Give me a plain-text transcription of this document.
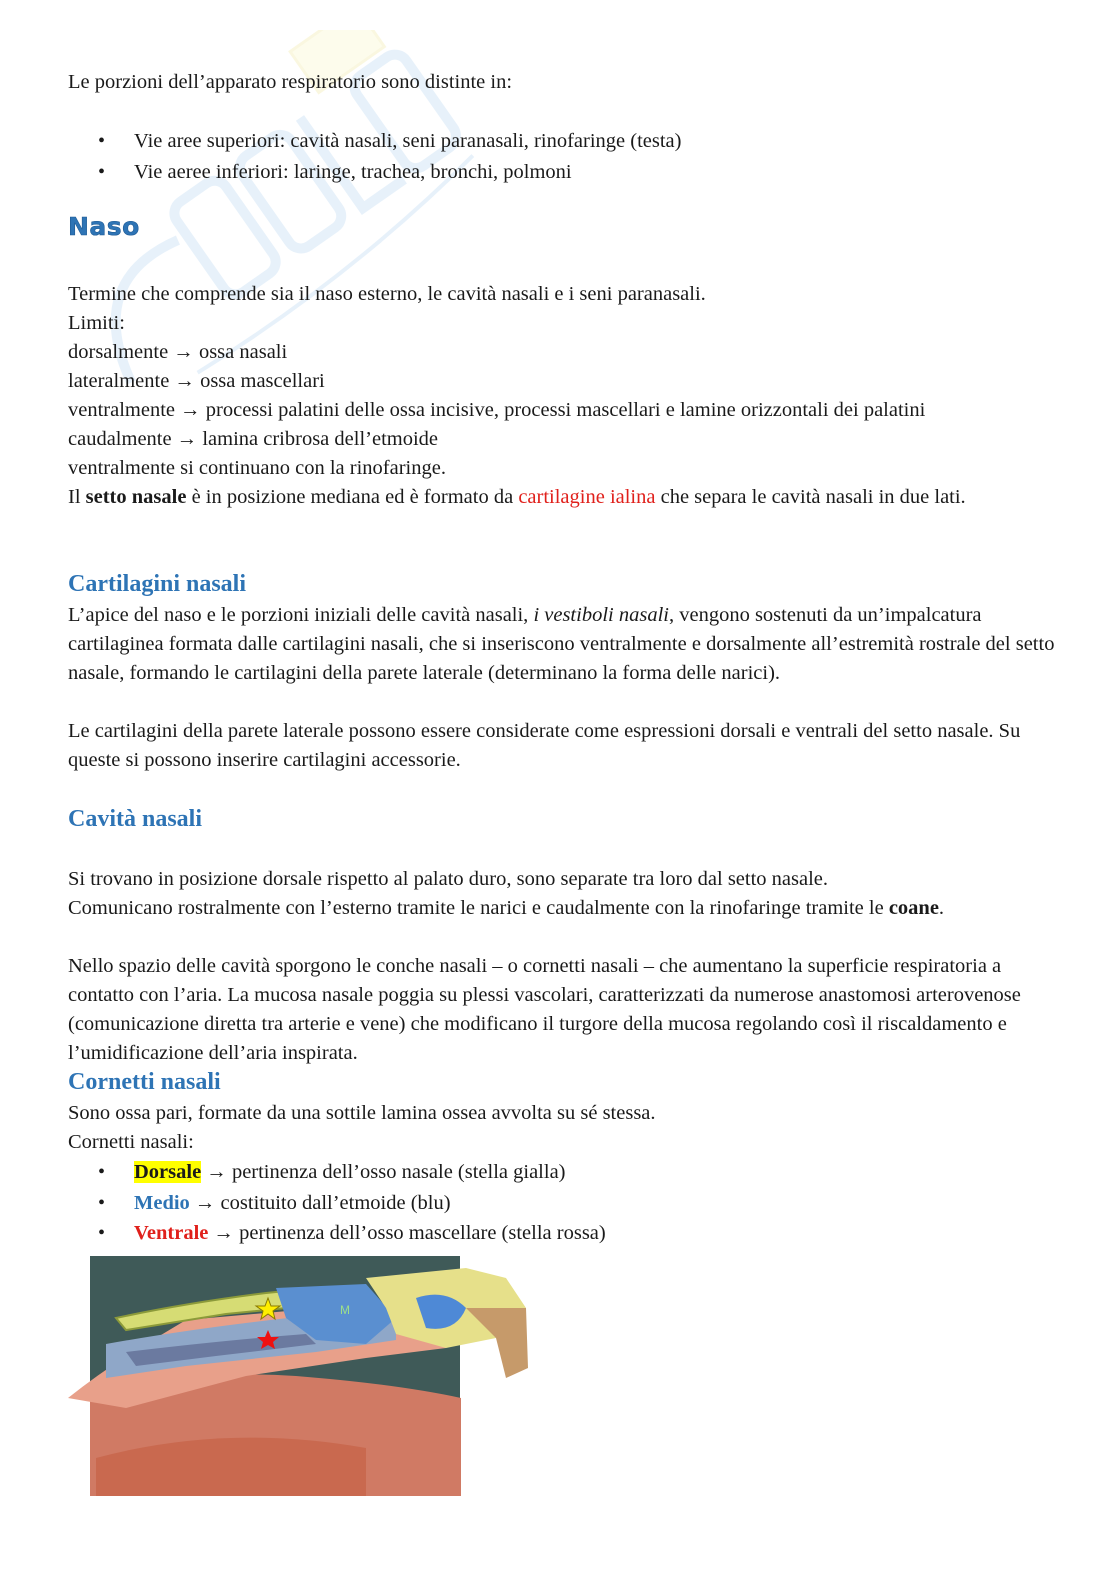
Le porzioni dell’apparato respiratorio sono distinte in:
• Vie aree superiori: cavità nasali, seni paranasali, rinofaringe (testa)
• Vie aeree inferiori: laringe, trachea, bronchi, polmoni
Naso
Termine che comprende sia il naso esterno, le cavità nasali e i seni paranasali.
Limiti:
dorsalmente → ossa nasali
lateralmente → ossa mascellari
ventralmente → processi palatini delle ossa incisive, processi mascellari e lamine orizzontali dei palatini
caudalmente → lamina cribrosa dell’etmoide
ventralmente si continuano con la rinofaringe.
Il setto nasale è in posizione mediana ed è formato da cartilagine ialina che separa le cavità nasali in due lati.
Cartilagini nasali
L’apice del naso e le porzioni iniziali delle cavità nasali, i vestiboli nasali, vengono sostenuti da un’impalcatura cartilaginea formata dalle cartilagini nasali, che si inseriscono ventralmente e dorsalmente all’estremità rostrale del setto nasale, formando le cartilagini della parete laterale (determinano la forma delle narici).
Le cartilagini della parete laterale possono essere considerate come espressioni dorsali e ventrali del setto nasale. Su queste si possono inserire cartilagini accessorie.
Cavità nasali
Si trovano in posizione dorsale rispetto al palato duro, sono separate tra loro dal setto nasale.
Comunicano rostralmente con l’esterno tramite le narici e caudalmente con la rinofaringe tramite le coane.
Nello spazio delle cavità sporgono le conche nasali – o cornetti nasali – che aumentano la superficie respiratoria a contatto con l’aria. La mucosa nasale poggia su plessi vascolari, caratterizzati da numerose anastomosi arterovenose (comunicazione diretta tra arterie e vene) che modificano il turgore della mucosa regolando così il riscaldamento e l’umidificazione dell’aria inspirata.
Cornetti nasali
Sono ossa pari, formate da una sottile lamina ossea avvolta su sé stessa.
Cornetti nasali:
• Dorsale → pertinenza dell’osso nasale (stella gialla)
• Medio → costituito dall’etmoide (blu)
• Ventrale → pertinenza dell’osso mascellare (stella rossa)
M
